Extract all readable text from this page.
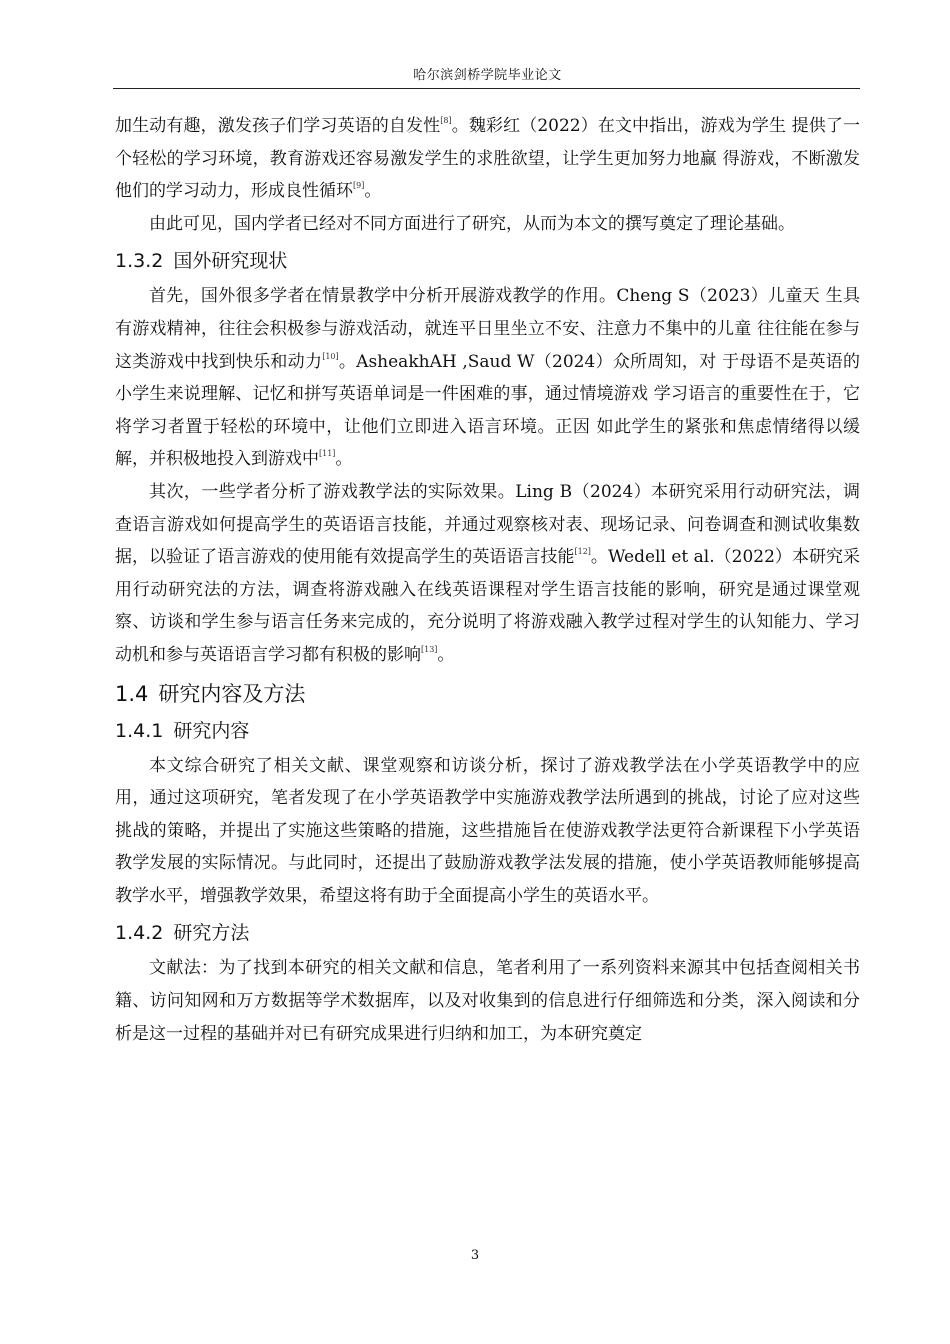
哈尔滨剑桥学院毕业论文

加生动有趣，激发孩子们学习英语的自发性[8]。魏彩红（2022）在文中指出，游戏为学生 提供了一个轻松的学习环境，教育游戏还容易激发学生的求胜欲望，让学生更加努力地赢 得游戏，不断激发他们的学习动力，形成良性循环[9]。

由此可见，国内学者已经对不同方面进行了研究，从而为本文的撰写奠定了理论基础。

1.3.2 国外研究现状

首先，国外很多学者在情景教学中分析开展游戏教学的作用。Cheng S（2023）儿童天 生具有游戏精神，往往会积极参与游戏活动，就连平日里坐立不安、注意力不集中的儿童 往往能在参与这类游戏中找到快乐和动力[10]。AsheakhAH ,Saud W（2024）众所周知，对 于母语不是英语的小学生来说理解、记忆和拼写英语单词是一件困难的事，通过情境游戏 学习语言的重要性在于，它将学习者置于轻松的环境中，让他们立即进入语言环境。正因 如此学生的紧张和焦虑情绪得以缓解，并积极地投入到游戏中[11]。

其次，一些学者分析了游戏教学法的实际效果。Ling B（2024）本研究采用行动研究法，调查语言游戏如何提高学生的英语语言技能，并通过观察核对表、现场记录、问卷调查和测试收集数据，以验证了语言游戏的使用能有效提高学生的英语语言技能[12]。Wedell et al.（2022）本研究采用行动研究法的方法，调查将游戏融入在线英语课程对学生语言技能的影响，研究是通过课堂观察、访谈和学生参与语言任务来完成的，充分说明了将游戏融入教学过程对学生的认知能力、学习动机和参与英语语言学习都有积极的影响[13]。

1.4 研究内容及方法
1.4.1 研究内容

本文综合研究了相关文献、课堂观察和访谈分析，探讨了游戏教学法在小学英语教学中的应用，通过这项研究，笔者发现了在小学英语教学中实施游戏教学法所遇到的挑战，讨论了应对这些挑战的策略，并提出了实施这些策略的措施，这些措施旨在使游戏教学法更符合新课程下小学英语教学发展的实际情况。与此同时，还提出了鼓励游戏教学法发展的措施，使小学英语教师能够提高教学水平，增强教学效果，希望这将有助于全面提高小学生的英语水平。

1.4.2 研究方法

文献法：为了找到本研究的相关文献和信息，笔者利用了一系列资料来源其中包括查阅相关书籍、访问知网和万方数据等学术数据库，以及对收集到的信息进行仔细筛选和分类，深入阅读和分析是这一过程的基础并对已有研究成果进行归纳和加工，为本研究奠定

3
